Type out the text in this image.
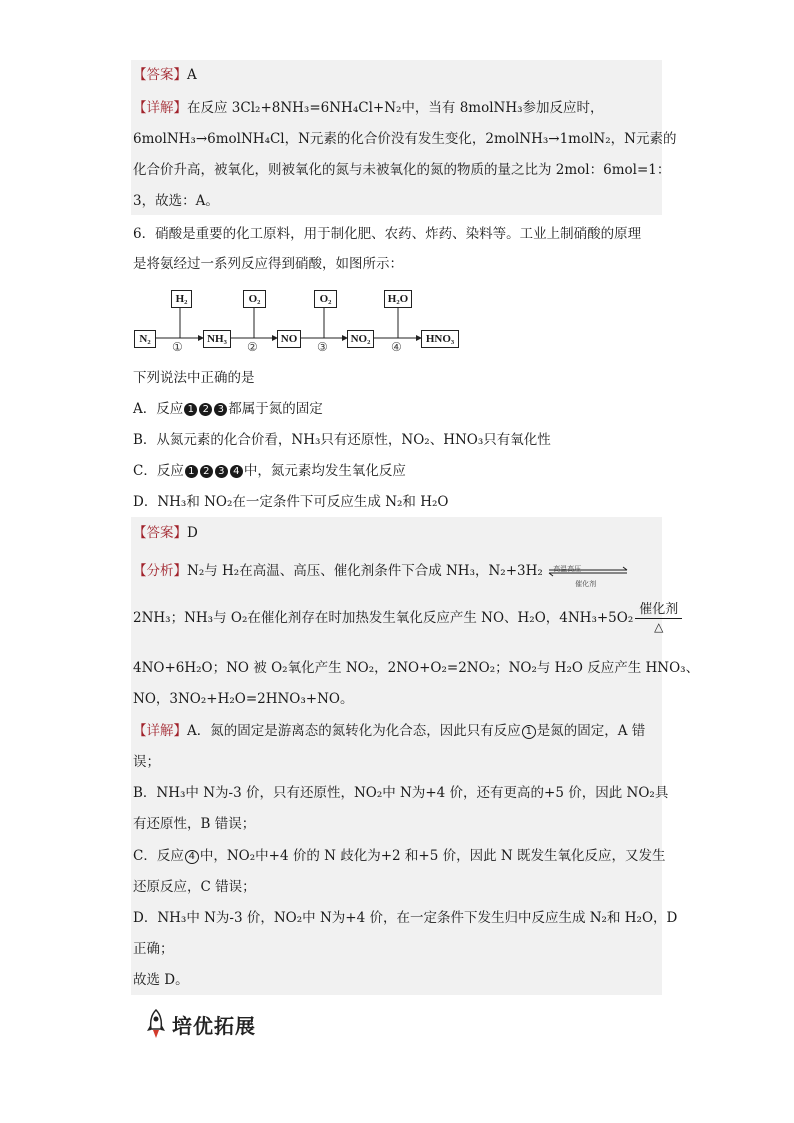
【答案】A
【详解】在反应 3Cl₂+8NH₃=6NH₄Cl+N₂中，当有 8molNH₃参加反应时，
6molNH₃→6molNH₄Cl，N元素的化合价没有发生变化，2molNH₃→1molN₂，N元素的
化合价升高，被氧化，则被氧化的氮与未被氧化的氮的物质的量之比为 2mol：6mol=1：
3，故选：A。
6．硝酸是重要的化工原料，用于制化肥、农药、炸药、染料等。工业上制硝酸的原理
是将氨经过一系列反应得到硝酸，如图所示：
H₂	O₂	O₂	H₂O
N₂	NH₃	NO	NO₂	HNO₃
①	②	③	④
下列说法中正确的是
A．反应 1 2 3 都属于氮的固定
B．从氮元素的化合价看，NH₃只有还原性，NO₂、HNO₃只有氧化性
C．反应 1 2 3 4 中，氮元素均发生氧化反应
D．NH₃和 NO₂在一定条件下可反应生成 N₂和 H₂O
【答案】D
【分析】N₂与 H₂在高温、高压、催化剂条件下合成 NH₃，N₂+3H₂ 高温高压
催化剂
2NH₃；NH₃与 O₂在催化剂存在时加热发生氧化反应产生 NO、H₂O，$4NH_3+5O_2 \frac{\text{催化剂}}{\triangle}$
4NO+6H₂O；NO 被 O₂氧化产生 NO₂，2NO+O₂=2NO₂；NO₂与 H₂O 反应产生 HNO₃、
NO，3NO₂+H₂O=2HNO₃+NO。
【详解】A．氮的固定是游离态的氮转化为化合态，因此只有反应 1 是氮的固定，A 错
误；
B．NH₃中 N为-3 价，只有还原性，NO₂中 N为+4 价，还有更高的+5 价，因此 NO₂具
有还原性，B 错误；
C．反应 4 中，NO₂中+4 价的 N 歧化为+2 和+5 价，因此 N 既发生氧化反应，又发生
还原反应，C 错误；
D．NH₃中 N为-3 价，NO₂中 N为+4 价，在一定条件下发生归中反应生成 N₂和 H₂O，D
正确；
故选 D。
培优拓展
